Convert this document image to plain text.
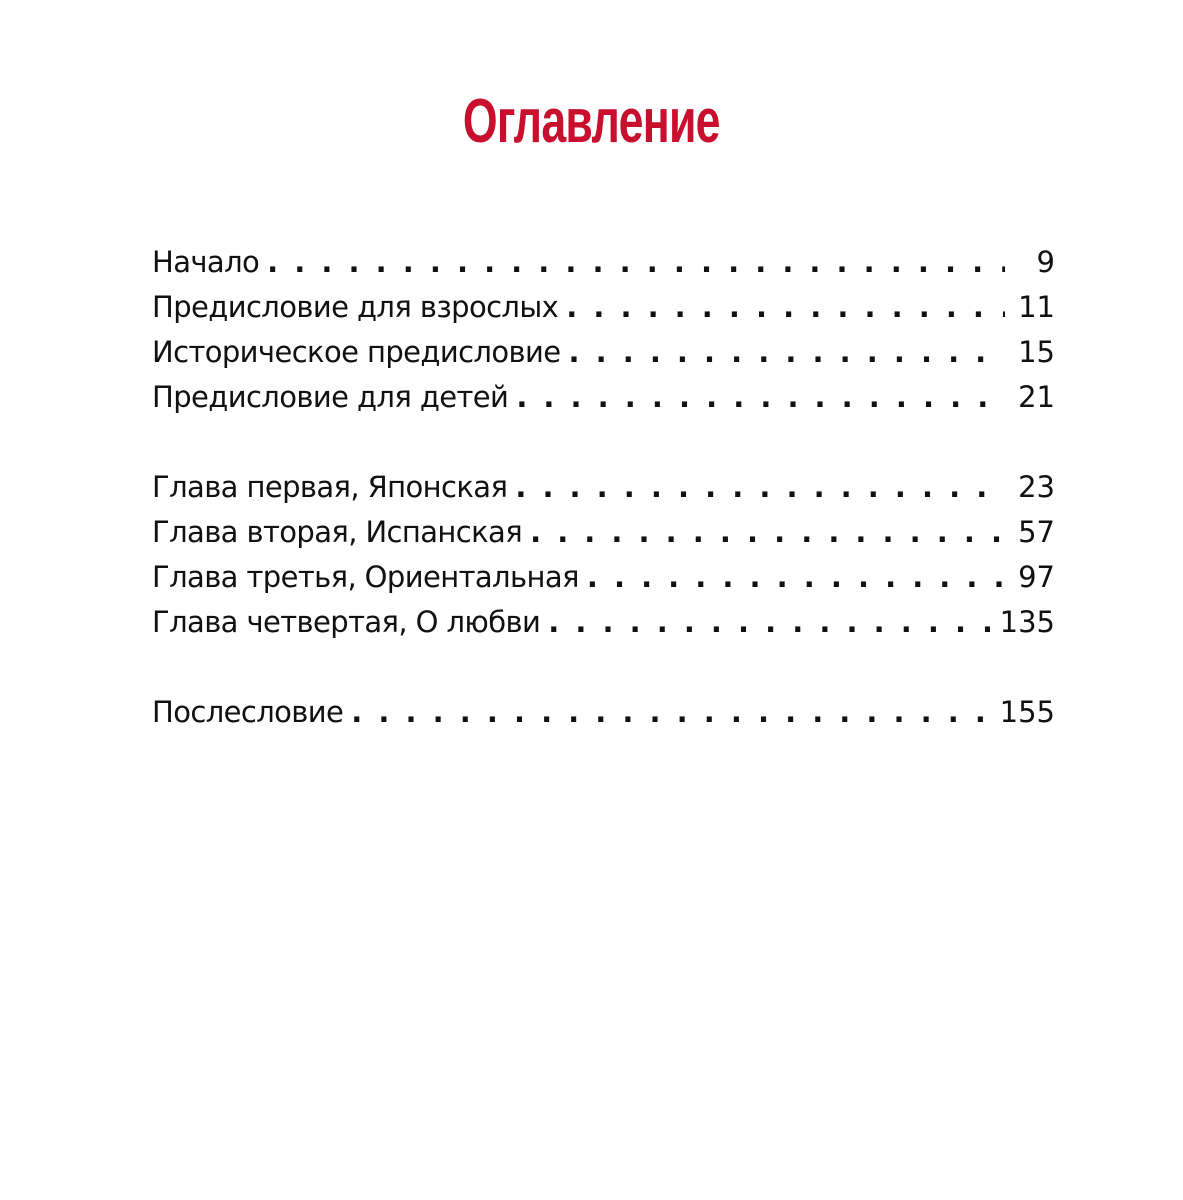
Оглавление
Начало . . .	9
Предисловие для взрослых . . .	11
Историческое предисловие . . .	15
Предисловие для детей . . .	21
Глава первая, Японская . . .	23
Глава вторая, Испанская . . .	57
Глава третья, Ориентальная . . .	97
Глава четвертая, О любви . . .	135
Послесловие . . .	155
